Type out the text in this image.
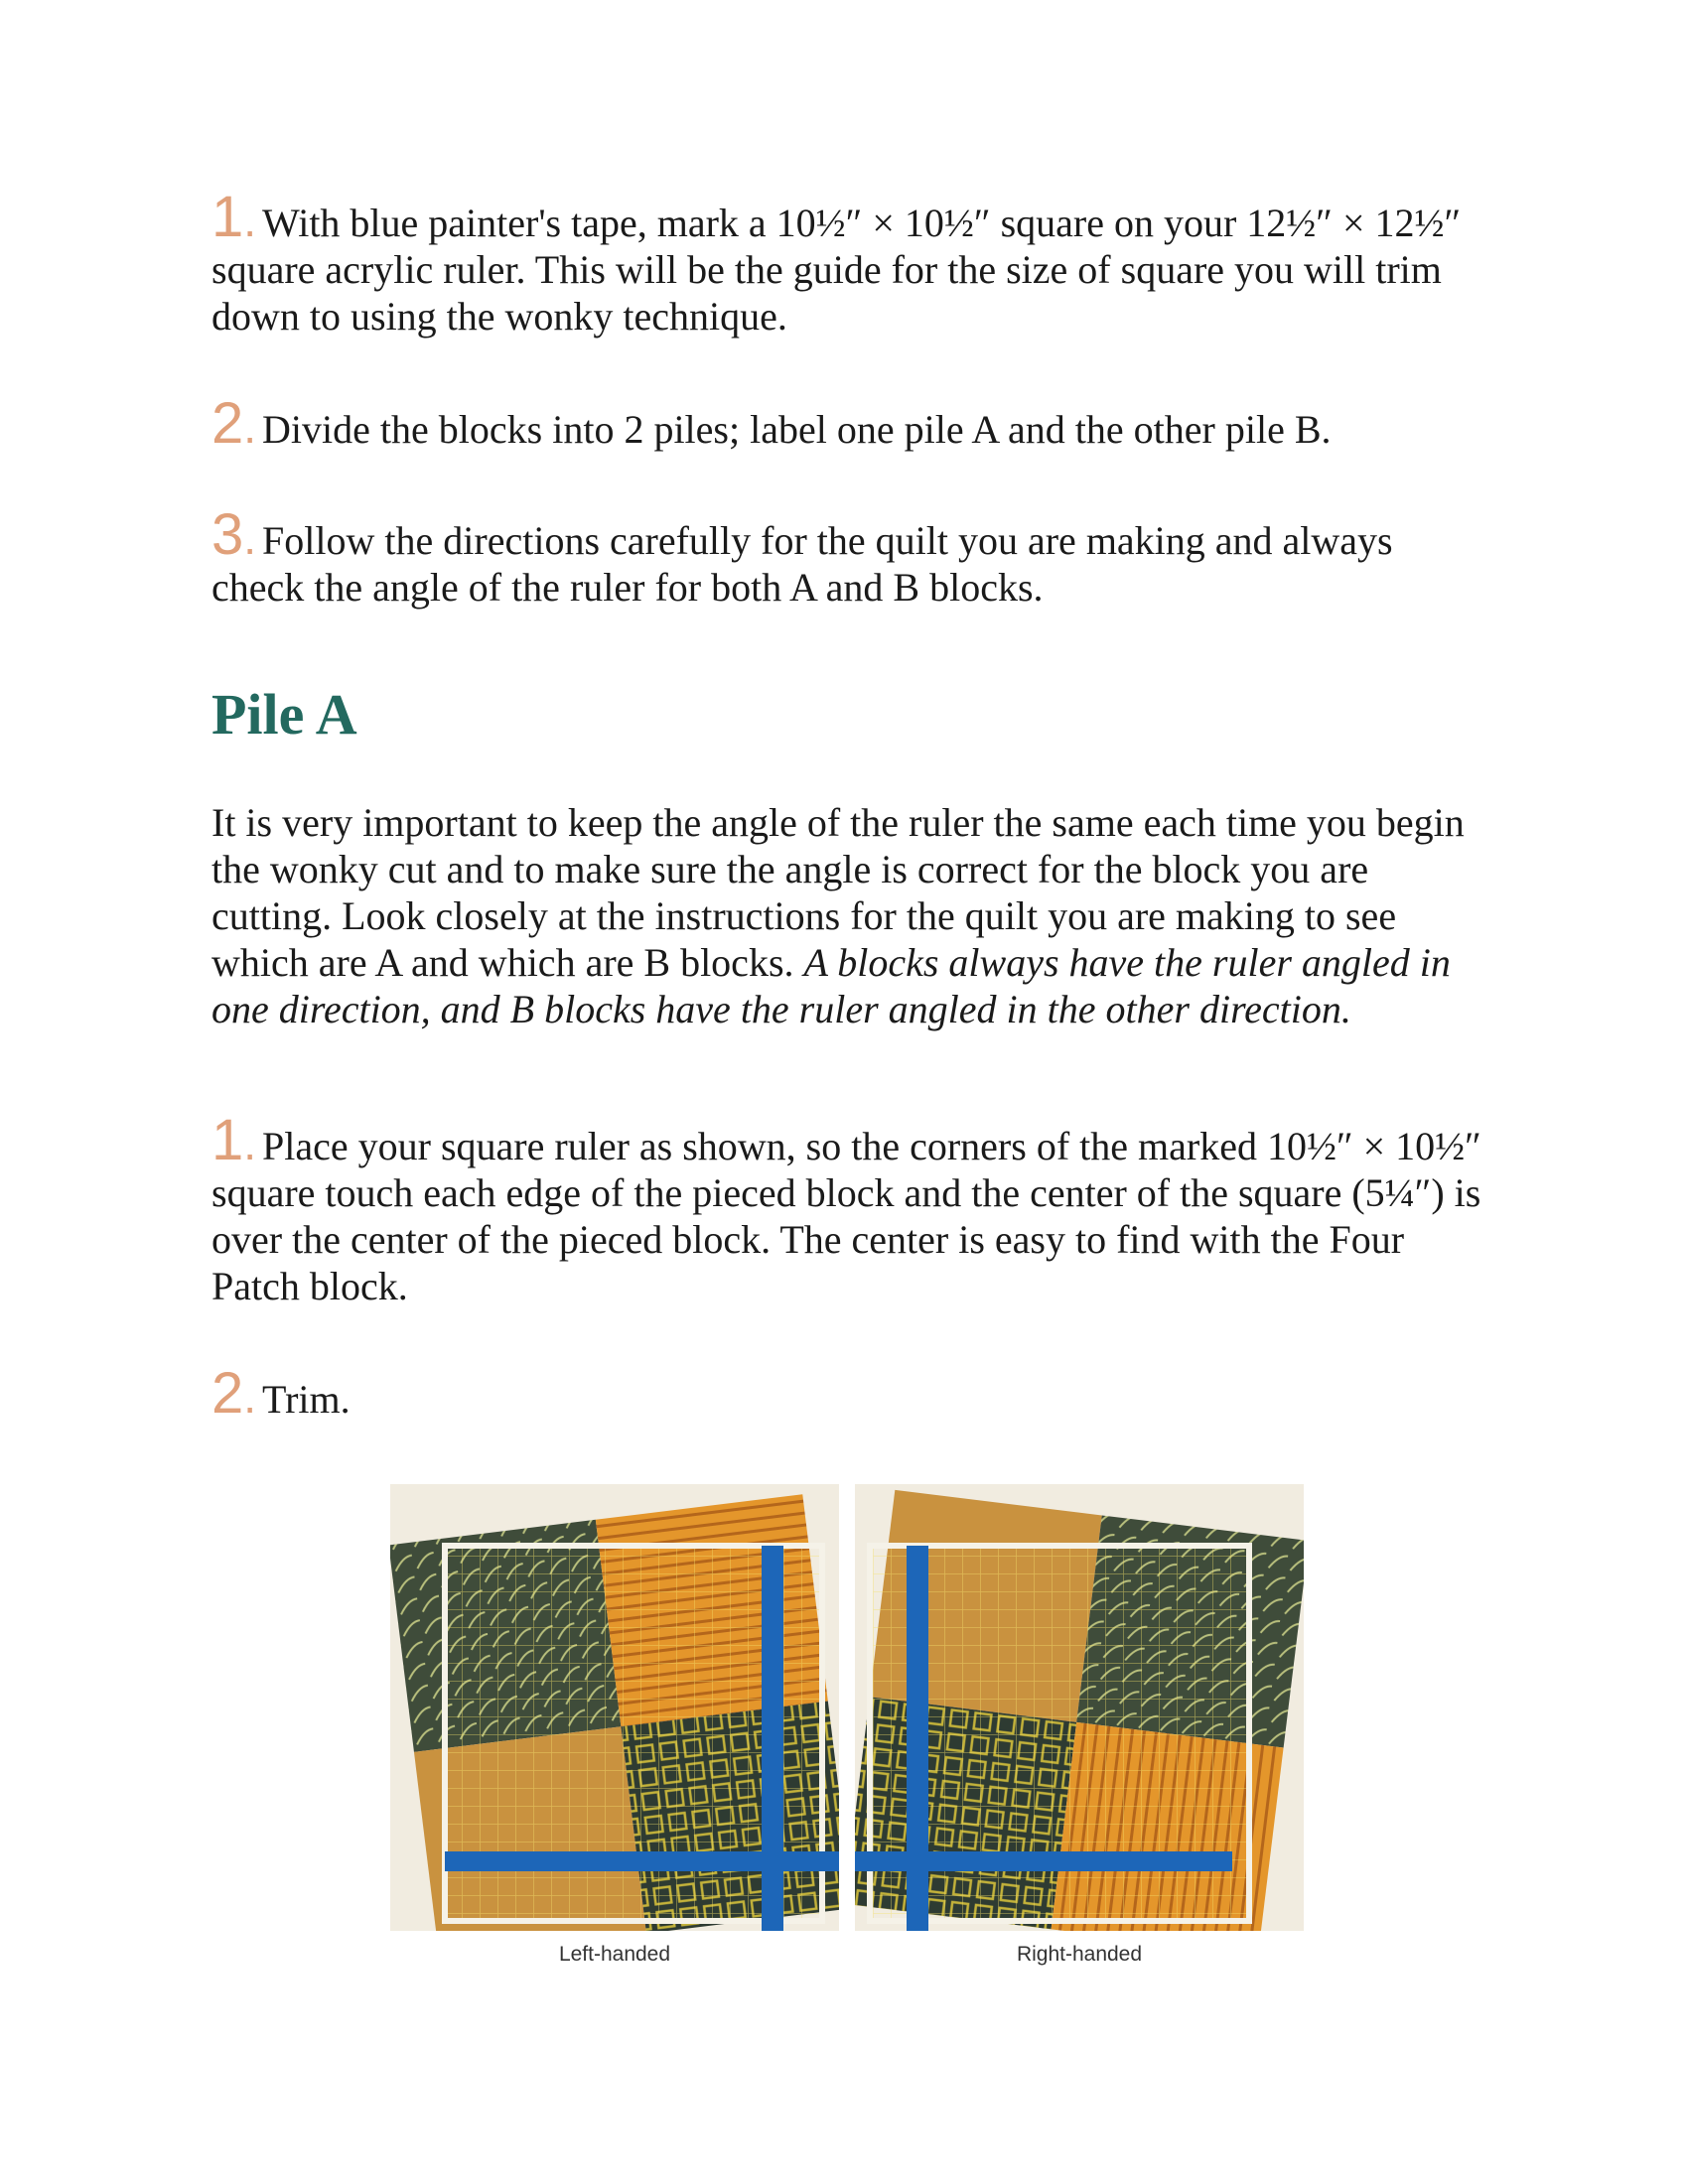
1. With blue painter's tape, mark a 10½″ × 10½″ square on your 12½″ × 12½″ square acrylic ruler. This will be the guide for the size of square you will trim down to using the wonky technique.

2. Divide the blocks into 2 piles; label one pile A and the other pile B.

3. Follow the directions carefully for the quilt you are making and always check the angle of the ruler for both A and B blocks.

Pile A

It is very important to keep the angle of the ruler the same each time you begin the wonky cut and to make sure the angle is correct for the block you are cutting. Look closely at the instructions for the quilt you are making to see which are A and which are B blocks. A blocks always have the ruler angled in one direction, and B blocks have the ruler angled in the other direction.

1. Place your square ruler as shown, so the corners of the marked 10½″ × 10½″ square touch each edge of the pieced block and the center of the square (5¼″) is over the center of the pieced block. The center is easy to find with the Four Patch block.

2. Trim.

Left-handed	Right-handed
